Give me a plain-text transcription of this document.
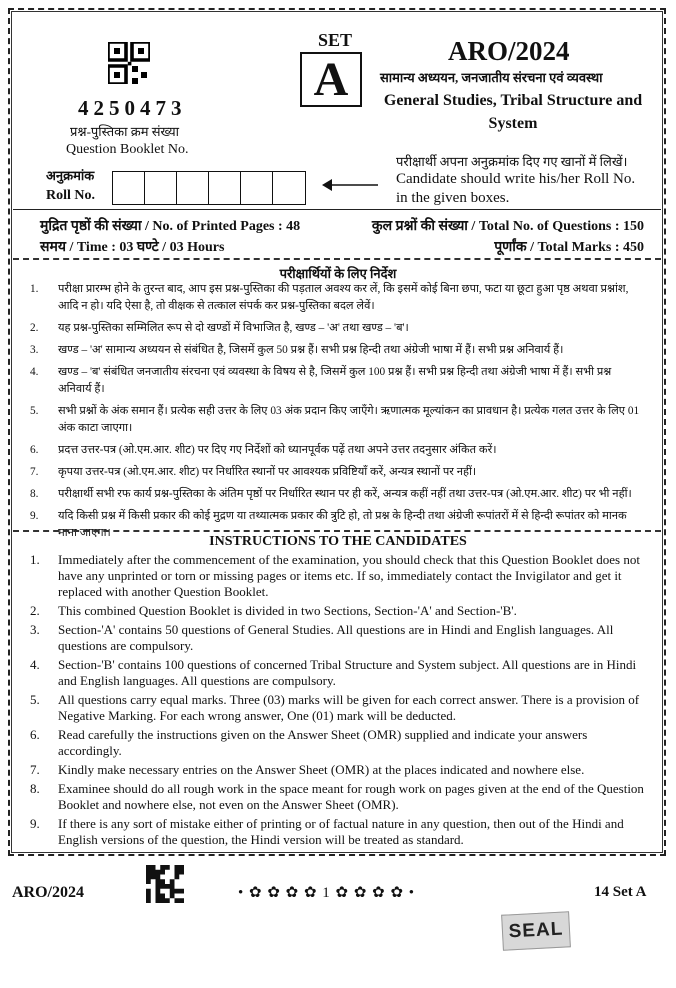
4250473
प्रश्न-पुस्तिका क्रम संख्या
Question Booklet No.
SET
A
ARO/2024
सामान्य अध्ययन, जनजातीय संरचना एवं व्यवस्था
General Studies, Tribal Structure and System
अनुक्रमांक
Roll No.
परीक्षार्थी अपना अनुक्रमांक दिए गए खानों में लिखें।
Candidate should write his/her Roll No. in the given boxes.
मुद्रित पृष्ठों की संख्या / No. of Printed Pages : 48	कुल प्रश्नों की संख्या / Total No. of Questions : 150
समय / Time : 03 घण्टे / 03 Hours	पूर्णांक / Total Marks : 450
परीक्षार्थियों के लिए निर्देश
1. परीक्षा प्रारम्भ होने के तुरन्त बाद, आप इस प्रश्न-पुस्तिका की पड़ताल अवश्य कर लें, कि इसमें कोई बिना छपा, फटा या छूटा हुआ पृष्ठ अथवा प्रश्नांश, आदि न हो। यदि ऐसा है, तो वीक्षक से तत्काल संपर्क कर प्रश्न-पुस्तिका बदल लेवें।
2. यह प्रश्न-पुस्तिका सम्मिलित रूप से दो खण्डों में विभाजित है, खण्ड – 'अ' तथा खण्ड – 'ब'।
3. खण्ड – 'अ' सामान्य अध्ययन से संबंधित है, जिसमें कुल 50 प्रश्न हैं। सभी प्रश्न हिन्दी तथा अंग्रेजी भाषा में हैं। सभी प्रश्न अनिवार्य हैं।
4. खण्ड – 'ब' संबंधित जनजातीय संरचना एवं व्यवस्था के विषय से है, जिसमें कुल 100 प्रश्न हैं। सभी प्रश्न हिन्दी तथा अंग्रेजी भाषा में हैं। सभी प्रश्न अनिवार्य हैं।
5. सभी प्रश्नों के अंक समान हैं। प्रत्येक सही उत्तर के लिए 03 अंक प्रदान किए जाएँगे। ऋणात्मक मूल्यांकन का प्रावधान है। प्रत्येक गलत उत्तर के लिए 01 अंक काटा जाएगा।
6. प्रदत्त उत्तर-पत्र (ओ.एम.आर. शीट) पर दिए गए निर्देशों को ध्यानपूर्वक पढ़ें तथा अपने उत्तर तदनुसार अंकित करें।
7. कृपया उत्तर-पत्र (ओ.एम.आर. शीट) पर निर्धारित स्थानों पर आवश्यक प्रविष्टियाँ करें, अन्यत्र स्थानों पर नहीं।
8. परीक्षार्थी सभी रफ कार्य प्रश्न-पुस्तिका के अंतिम पृष्ठों पर निर्धारित स्थान पर ही करें, अन्यत्र कहीं नहीं तथा उत्तर-पत्र (ओ.एम.आर. शीट) पर भी नहीं।
9. यदि किसी प्रश्न में किसी प्रकार की कोई मुद्रण या तथ्यात्मक प्रकार की त्रुटि हो, तो प्रश्न के हिन्दी तथा अंग्रेजी रूपांतरों में से हिन्दी रूपांतर को मानक माना जाएगा।
INSTRUCTIONS TO THE CANDIDATES
1. Immediately after the commencement of the examination, you should check that this Question Booklet does not have any unprinted or torn or missing pages or items etc. If so, immediately contact the Invigilator and get it replaced with another Question Booklet.
2. This combined Question Booklet is divided in two Sections, Section-'A' and Section-'B'.
3. Section-'A' contains 50 questions of General Studies. All questions are in Hindi and English languages. All questions are compulsory.
4. Section-'B' contains 100 questions of concerned Tribal Structure and System subject. All questions are in Hindi and English languages. All questions are compulsory.
5. All questions carry equal marks. Three (03) marks will be given for each correct answer. There is a provision of Negative Marking. For each wrong answer, One (01) mark will be deducted.
6. Read carefully the instructions given on the Answer Sheet (OMR) supplied and indicate your answers accordingly.
7. Kindly make necessary entries on the Answer Sheet (OMR) at the places indicated and nowhere else.
8. Examinee should do all rough work in the space meant for rough work on pages given at the end of the Question Booklet and nowhere else, not even on the Answer Sheet (OMR).
9. If there is any sort of mistake either of printing or of factual nature in any question, then out of the Hindi and English versions of the question, the Hindi version will be treated as standard.
ARO/2024	• ✿ ✿ ✿ ✿ 1 ✿ ✿ ✿ ✿ •	14 Set A
SEAL
